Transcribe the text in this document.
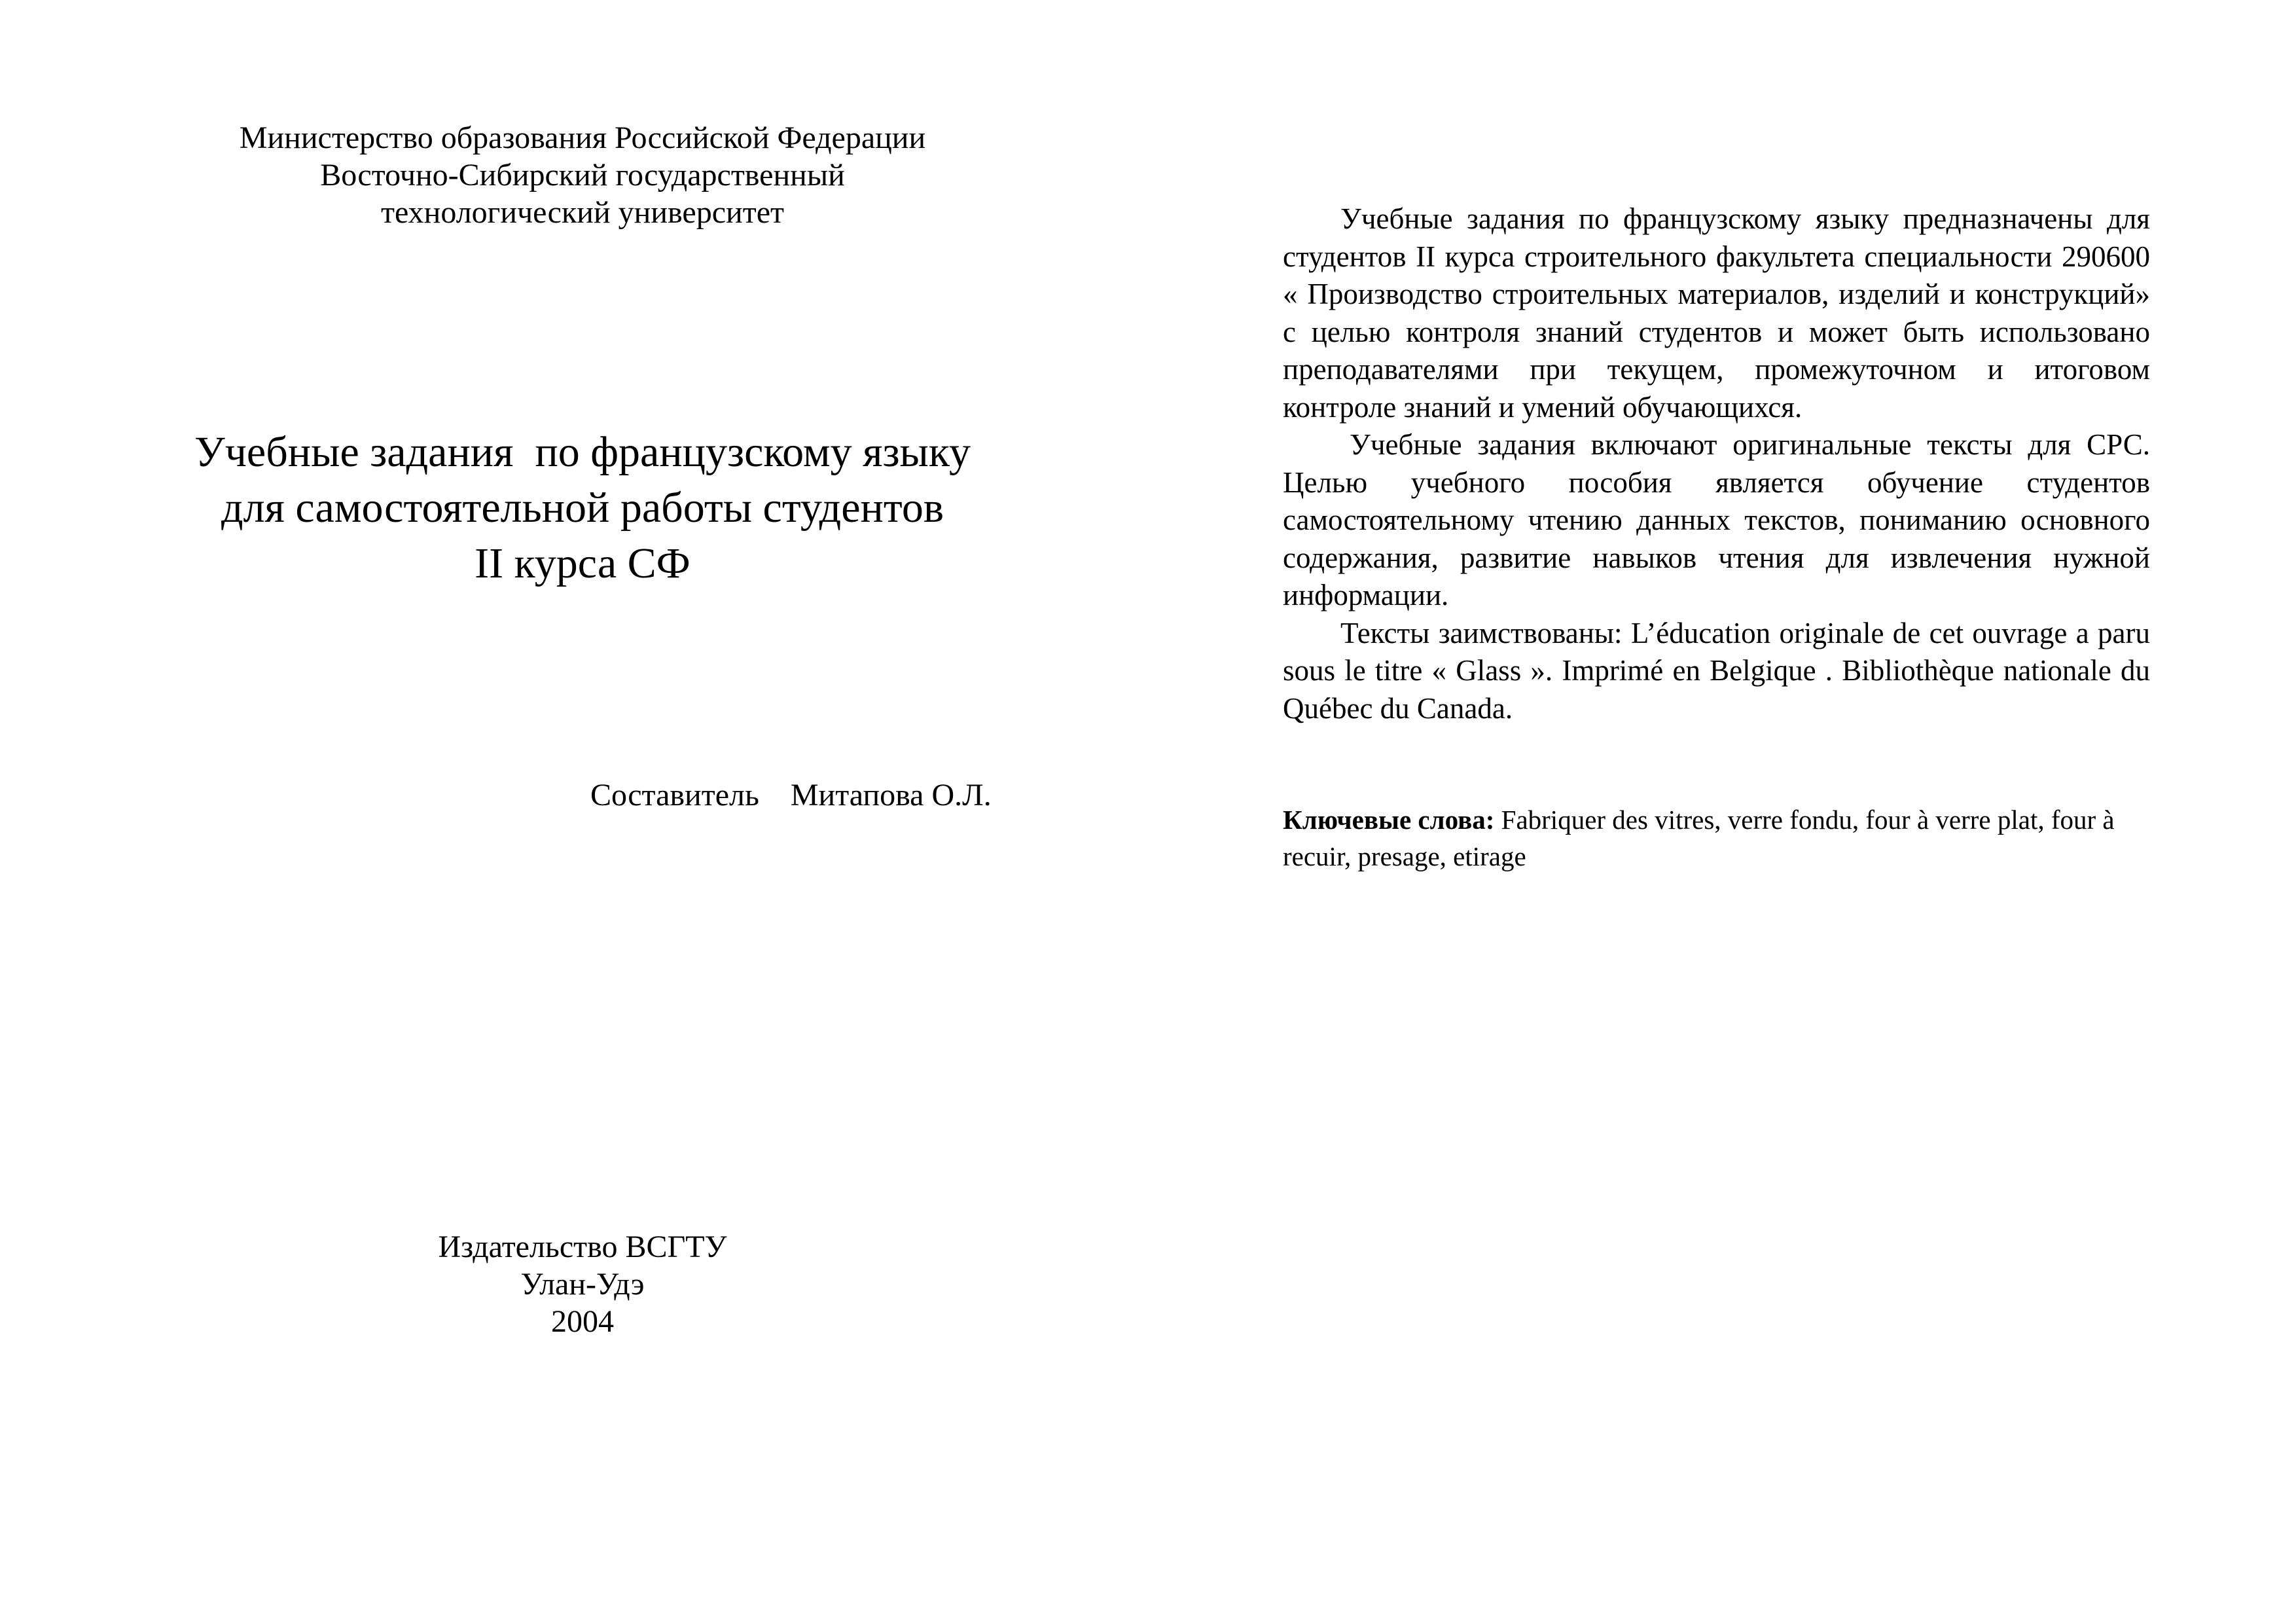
Министерство образования Российской Федерации
Восточно-Сибирский государственный
технологический университет
Учебные задания  по французскому языку
для самостоятельной работы студентов
II курса СФ
Составитель Митапова О.Л.
Издательство ВСГТУ
Улан-Удэ
2004

Учебные задания по французскому языку предназначены для студентов II курса строительного факультета специальности 290600 « Производство строительных материалов, изделий и конструкций» с целью контроля знаний студентов и может быть использовано преподавателями при текущем, промежуточном и итоговом контроле знаний и умений обучающихся.

Учебные задания включают оригинальные тексты для СРС. Целью учебного пособия является обучение студентов самостоятельному чтению данных текстов, пониманию основного содержания, развитие навыков чтения для извлечения нужной информации.

Тексты заимствованы: L’éducation originale de cet ouvrage a paru sous le titre « Glass ». Imprimé en Belgique . Bibliothèque nationale du Québec du Canada.

Ключевые слова: Fabriquer des vitres, verre fondu, four à verre plat, four à recuir, presage, etirage
